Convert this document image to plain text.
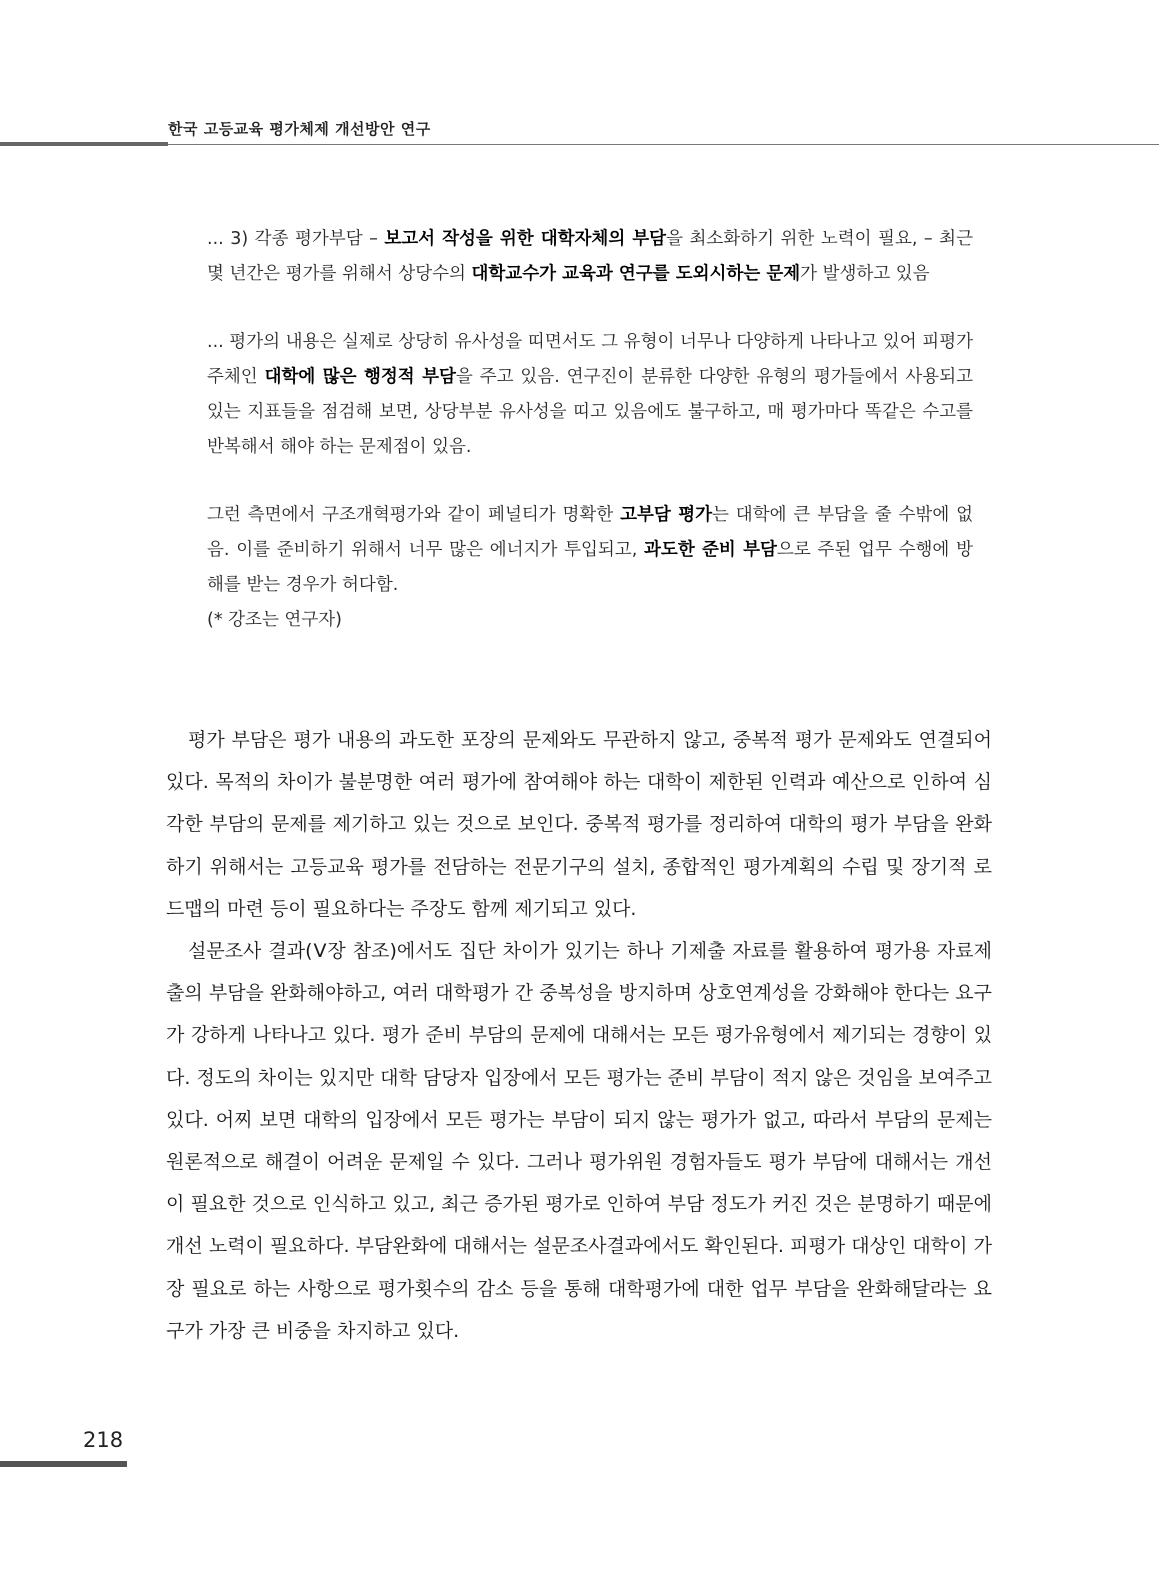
한국 고등교육 평가체제 개선방안 연구

... 3) 각종 평가부담 – 보고서 작성을 위한 대학자체의 부담을 최소화하기 위한 노력이 필요, – 최근 몇 년간은 평가를 위해서 상당수의 대학교수가 교육과 연구를 도외시하는 문제가 발생하고 있음

... 평가의 내용은 실제로 상당히 유사성을 띠면서도 그 유형이 너무나 다양하게 나타나고 있어 피평가주체인 대학에 많은 행정적 부담을 주고 있음. 연구진이 분류한 다양한 유형의 평가들에서 사용되고 있는 지표들을 점검해 보면, 상당부분 유사성을 띠고 있음에도 불구하고, 매 평가마다 똑같은 수고를 반복해서 해야 하는 문제점이 있음.

그런 측면에서 구조개혁평가와 같이 페널티가 명확한 고부담 평가는 대학에 큰 부담을 줄 수밖에 없음. 이를 준비하기 위해서 너무 많은 에너지가 투입되고, 과도한 준비 부담으로 주된 업무 수행에 방해를 받는 경우가 허다함.

(* 강조는 연구자)

평가 부담은 평가 내용의 과도한 포장의 문제와도 무관하지 않고, 중복적 평가 문제와도 연결되어 있다. 목적의 차이가 불분명한 여러 평가에 참여해야 하는 대학이 제한된 인력과 예산으로 인하여 심각한 부담의 문제를 제기하고 있는 것으로 보인다. 중복적 평가를 정리하여 대학의 평가 부담을 완화하기 위해서는 고등교육 평가를 전담하는 전문기구의 설치, 종합적인 평가계획의 수립 및 장기적 로드맵의 마련 등이 필요하다는 주장도 함께 제기되고 있다.

설문조사 결과(Ⅴ장 참조)에서도 집단 차이가 있기는 하나 기제출 자료를 활용하여 평가용 자료제출의 부담을 완화해야하고, 여러 대학평가 간 중복성을 방지하며 상호연계성을 강화해야 한다는 요구가 강하게 나타나고 있다. 평가 준비 부담의 문제에 대해서는 모든 평가유형에서 제기되는 경향이 있다. 정도의 차이는 있지만 대학 담당자 입장에서 모든 평가는 준비 부담이 적지 않은 것임을 보여주고 있다. 어찌 보면 대학의 입장에서 모든 평가는 부담이 되지 않는 평가가 없고, 따라서 부담의 문제는 원론적으로 해결이 어려운 문제일 수 있다. 그러나 평가위원 경험자들도 평가 부담에 대해서는 개선이 필요한 것으로 인식하고 있고, 최근 증가된 평가로 인하여 부담 정도가 커진 것은 분명하기 때문에 개선 노력이 필요하다. 부담완화에 대해서는 설문조사결과에서도 확인된다. 피평가 대상인 대학이 가장 필요로 하는 사항으로 평가횟수의 감소 등을 통해 대학평가에 대한 업무 부담을 완화해달라는 요구가 가장 큰 비중을 차지하고 있다.

218
